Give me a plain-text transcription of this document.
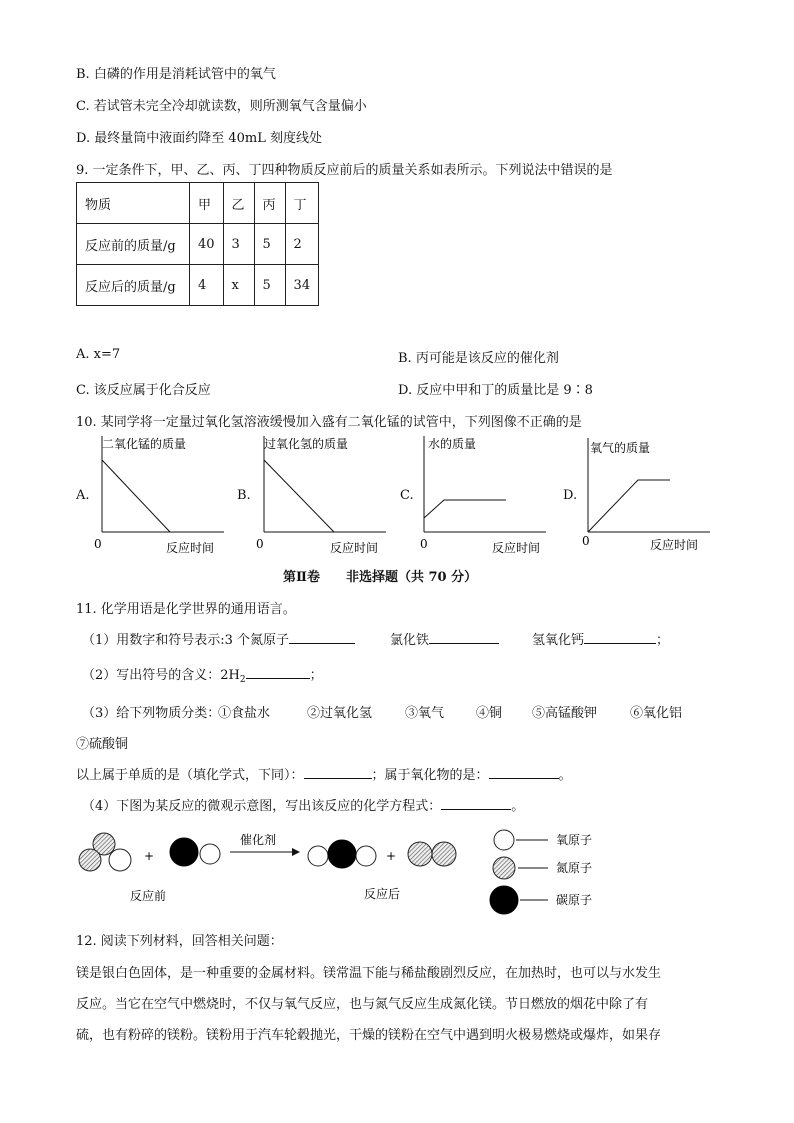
B. 白磷的作用是消耗试管中的氧气
C. 若试管未完全冷却就读数，则所测氧气含量偏小
D. 最终量筒中液面约降至 40mL 刻度线处
9. 一定条件下，甲、乙、丙、丁四种物质反应前后的质量关系如表所示。下列说法中错误的是
物质	甲	乙	丙	丁
反应前的质量/g	40	3	5	2
反应后的质量/g	4	x	5	34
A. x=7	B. 丙可能是该反应的催化剂
C. 该反应属于化合反应	D. 反应中甲和丁的质量比是 9∶8
10. 某同学将一定量过氧化氢溶液缓慢加入盛有二氧化锰的试管中，下列图像不正确的是
A.
二氧化锰的质量
0	反应时间
B.
过氧化氢的质量
0	反应时间
C.
水的质量
0	反应时间
D.
氧气的质量
0	反应时间
第Ⅱ卷　　非选择题（共 70 分）
11. 化学用语是化学世界的通用语言。
（1）用数字和符号表示:3 个氮原子	氯化铁	氢氧化钙	；
（2）写出符号的含义：$2H_2$	；
（3）给下列物质分类：
①食盐水	②过氧化氢	③氧气 ④铜 ⑤高锰酸钾	⑥氧化铝
⑦硫酸铜
以上属于单质的是（填化学式，下同）：	；属于氧化物的是：	。
（4）下图为某反应的微观示意图，写出该反应的化学方程式：	。
+
催化剂
+
反应前	反应后
氧原子
氮原子
碳原子
12. 阅读下列材料，回答相关问题：
镁是银白色固体，是一种重要的金属材料。镁常温下能与稀盐酸剧烈反应，在加热时，也可以与水发生
反应。当它在空气中燃烧时，不仅与氧气反应，也与氮气反应生成氮化镁。节日燃放的烟花中除了有
硫，也有粉碎的镁粉。镁粉用于汽车轮毂抛光，干燥的镁粉在空气中遇到明火极易燃烧或爆炸，如果存
